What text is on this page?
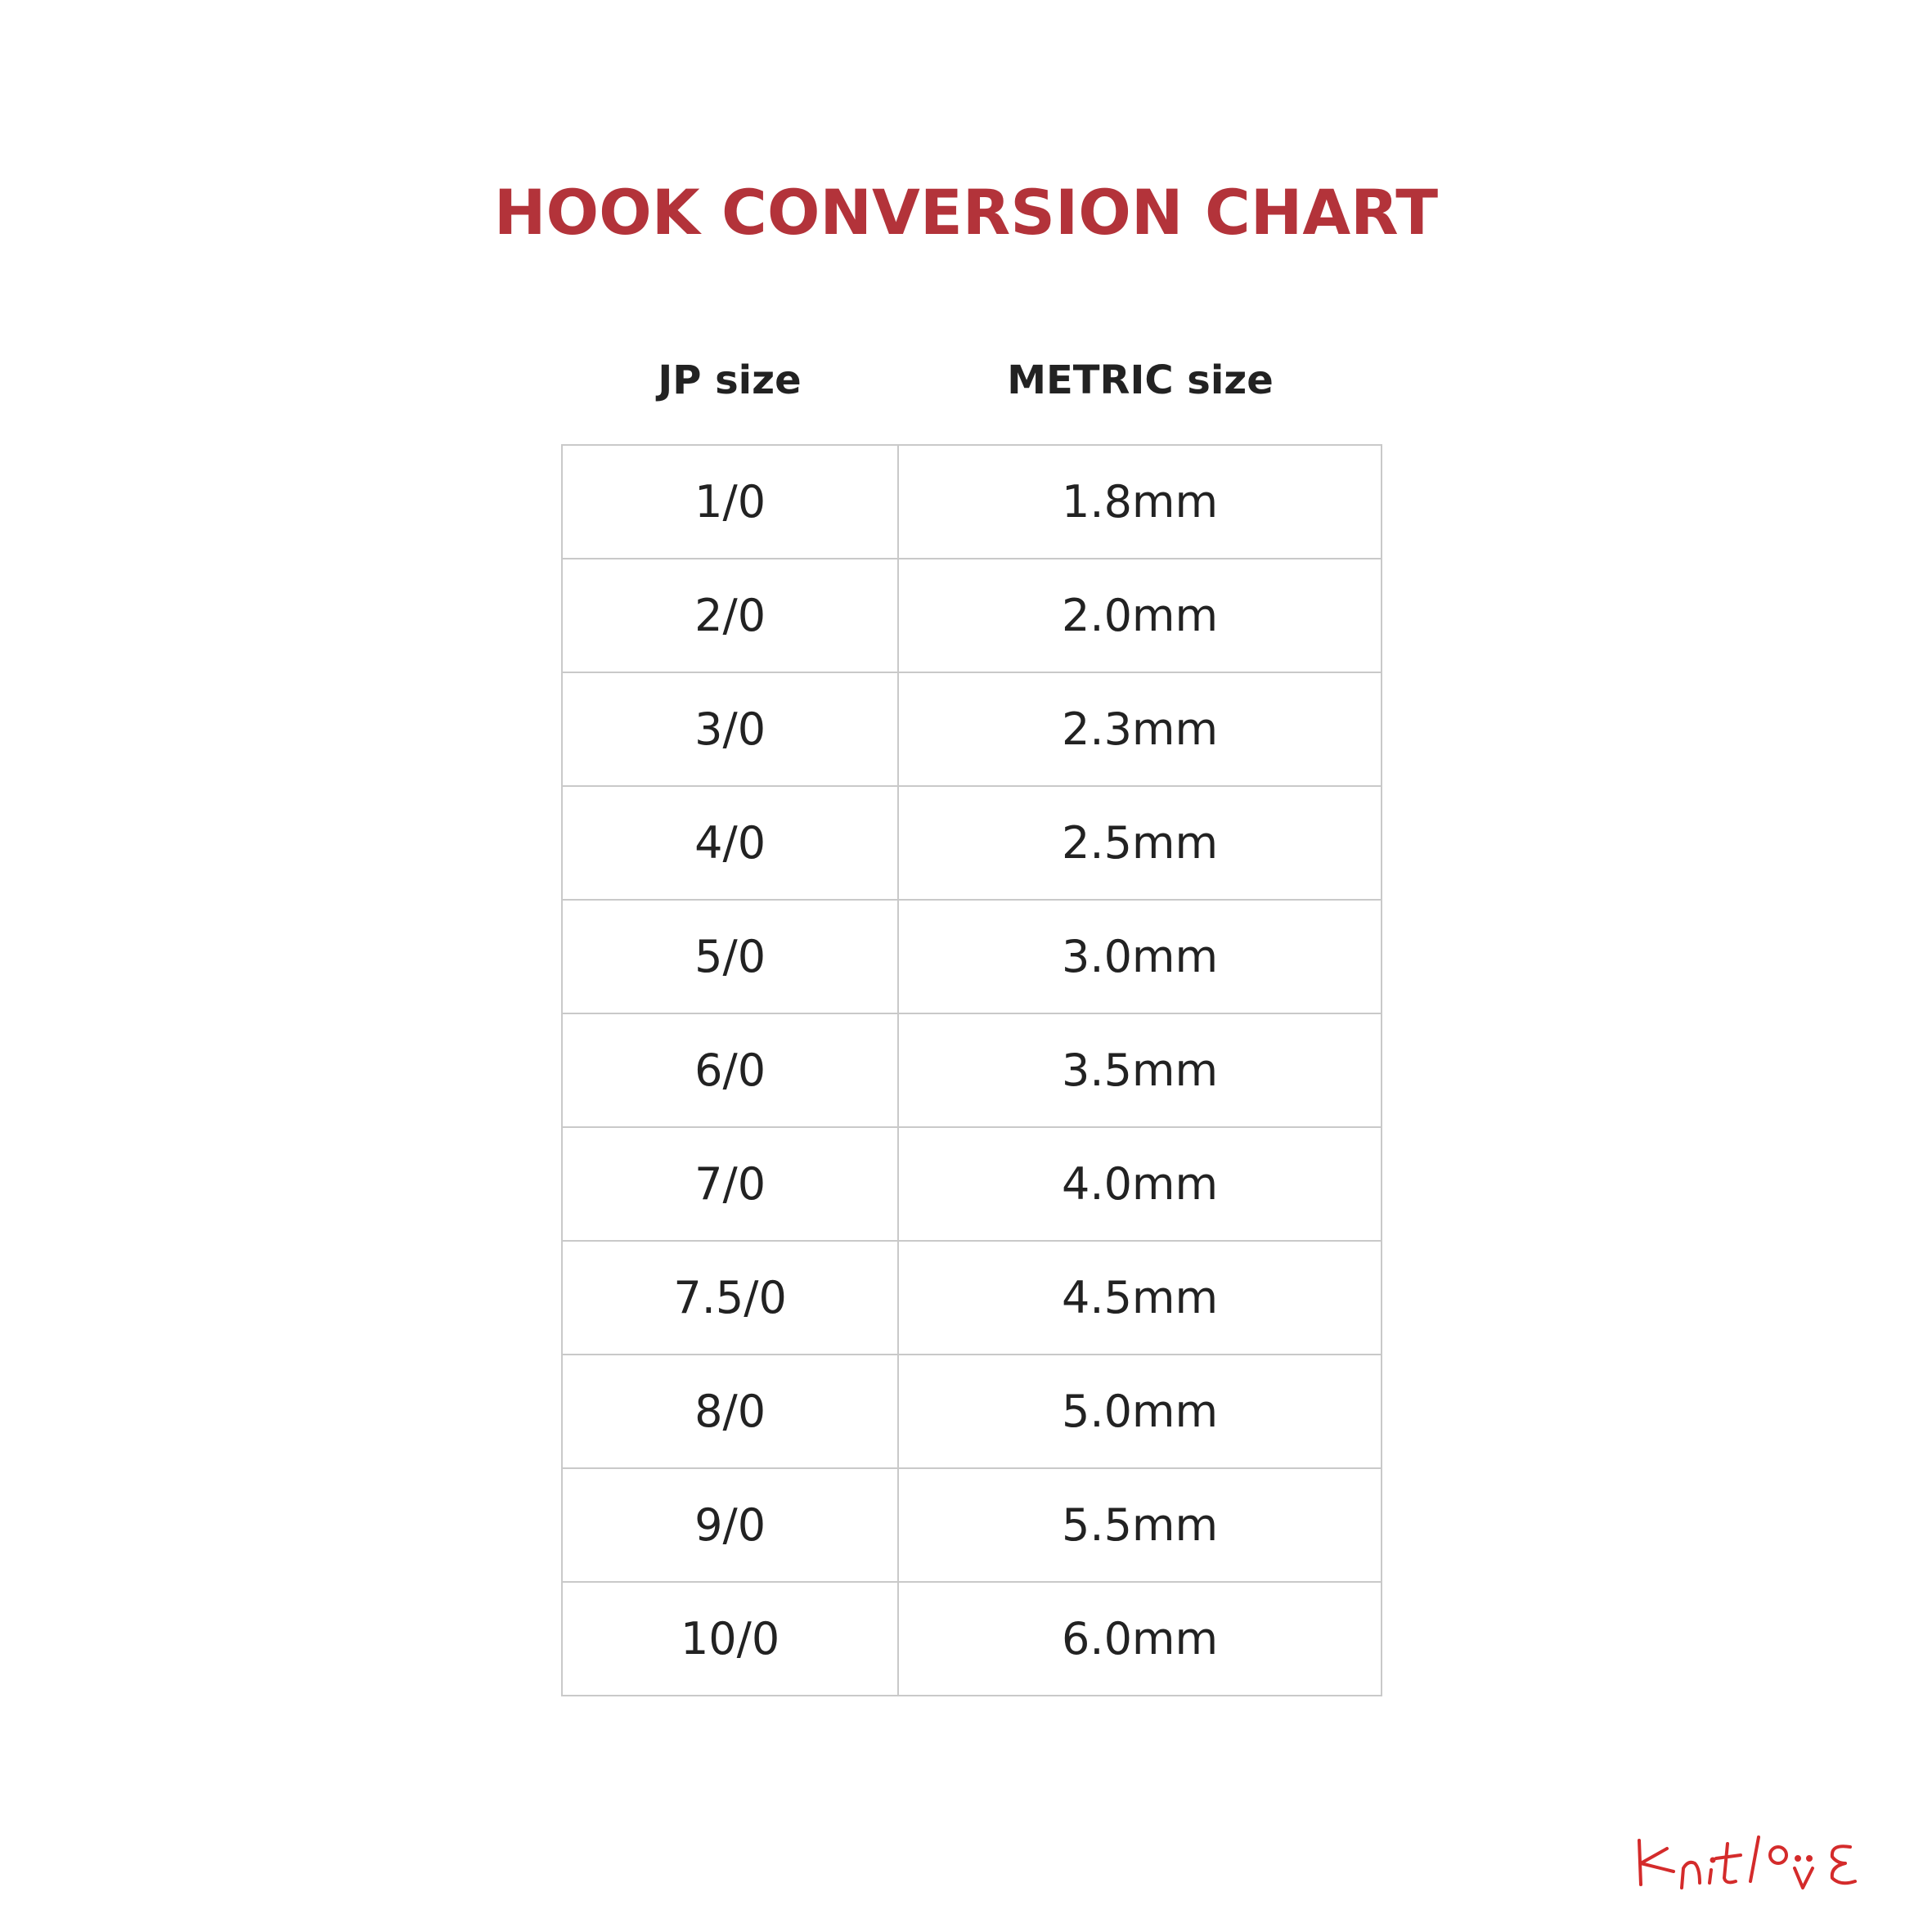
HOOK CONVERSION CHART
JP size	METRIC size
1/0	1.8mm
2/0	2.0mm
3/0	2.3mm
4/0	2.5mm
5/0	3.0mm
6/0	3.5mm
7/0	4.0mm
7.5/0	4.5mm
8/0	5.0mm
9/0	5.5mm
10/0	6.0mm
